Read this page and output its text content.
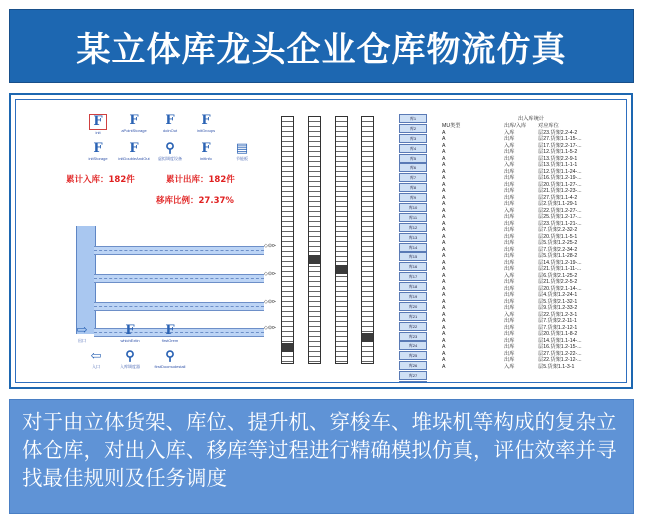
某立体库龙头企业仓库物流仿真
F
init
F
aPointStorage
F
doInOut
F
initGroups
F
initStorage
F
initDoubleAndOut
⚲
虚拟调度设备
F
initInfo
▤
节能板
累计入库：182件	累计出库：182件
移库比例：27.37%
◇⊙⊳
◇⊙⊳
◇⊙⊳
◇⊙⊳
⇨
出口
F
whichExtin
F
firstOrem
⇦
入口
⚲
入库调度器
⚲
firstDoomudestall
库1
库2
库3
库4
库5
库6
库7
库8
库9
库10
库11
库12
库13
库14
库15
库16
库17
库18
库19
库20
库21
库22
库23
库24
库25
库26
库27
出入库统计
MU类型	出库/入库	对应库位
A	入库	层23.货架2.2-4-2
A	出库	层27.货架1.1-15-...
A	入库	层17.货架2.2-17-...
A	出库	层12.货架1.1-5-2
A	出库	层13.货架2.2-9-1
A	入库	层13.货架1.1-1-1
A	出库	层12.货架1.1-24-...
A	出库	层16.货架1.2-19-...
A	出库	层20.货架1.1-27-...
A	出库	层21.货架1.2-23-...
A	出库	层27.货架1.1-4-2
A	出库	层2.货架1.1-29-1
A	入库	层22.货架1.2-27-...
A	出库	层25.货架1.2-17-...
A	出库	层23.货架1.1-21-...
A	出库	层7.货架2.2-32-2
A	出库	层20.货架1.1-5-1
A	出库	层5.货架1.2-25-2
A	出库	层7.货架2.2-34-2
A	出库	层5.货架1.1-28-2
A	出库	层14.货架1.2-19-...
A	出库	层21.货架1.1-11-...
A	入库	层6.货架2.1-25-2
A	出库	层21.货架2.2-5-2
A	出库	层20.货架2.1-14-...
A	出库	层4.货架1.2-24-1
A	出库	层5.货架2.1-32-1
A	出库	层9.货架1.2-33-2
A	入库	层22.货架1.2-3-1
A	出库	层7.货架2.2-11-1
A	出库	层7.货架1.2-12-1
A	出库	层20.货架1.1-8-2
A	出库	层14.货架1.1-14-...
A	出库	层16.货架1.2-15-...
A	出库	层27.货架1.2-22-...
A	出库	层22.货架1.2-12-...
A	入库	层5.货架1.1-3-1
对于由立体货架、库位、提升机、穿梭车、堆垛机等构成的复杂立体仓库，对出入库、移库等过程进行精确模拟仿真，评估效率并寻找最佳规则及任务调度
